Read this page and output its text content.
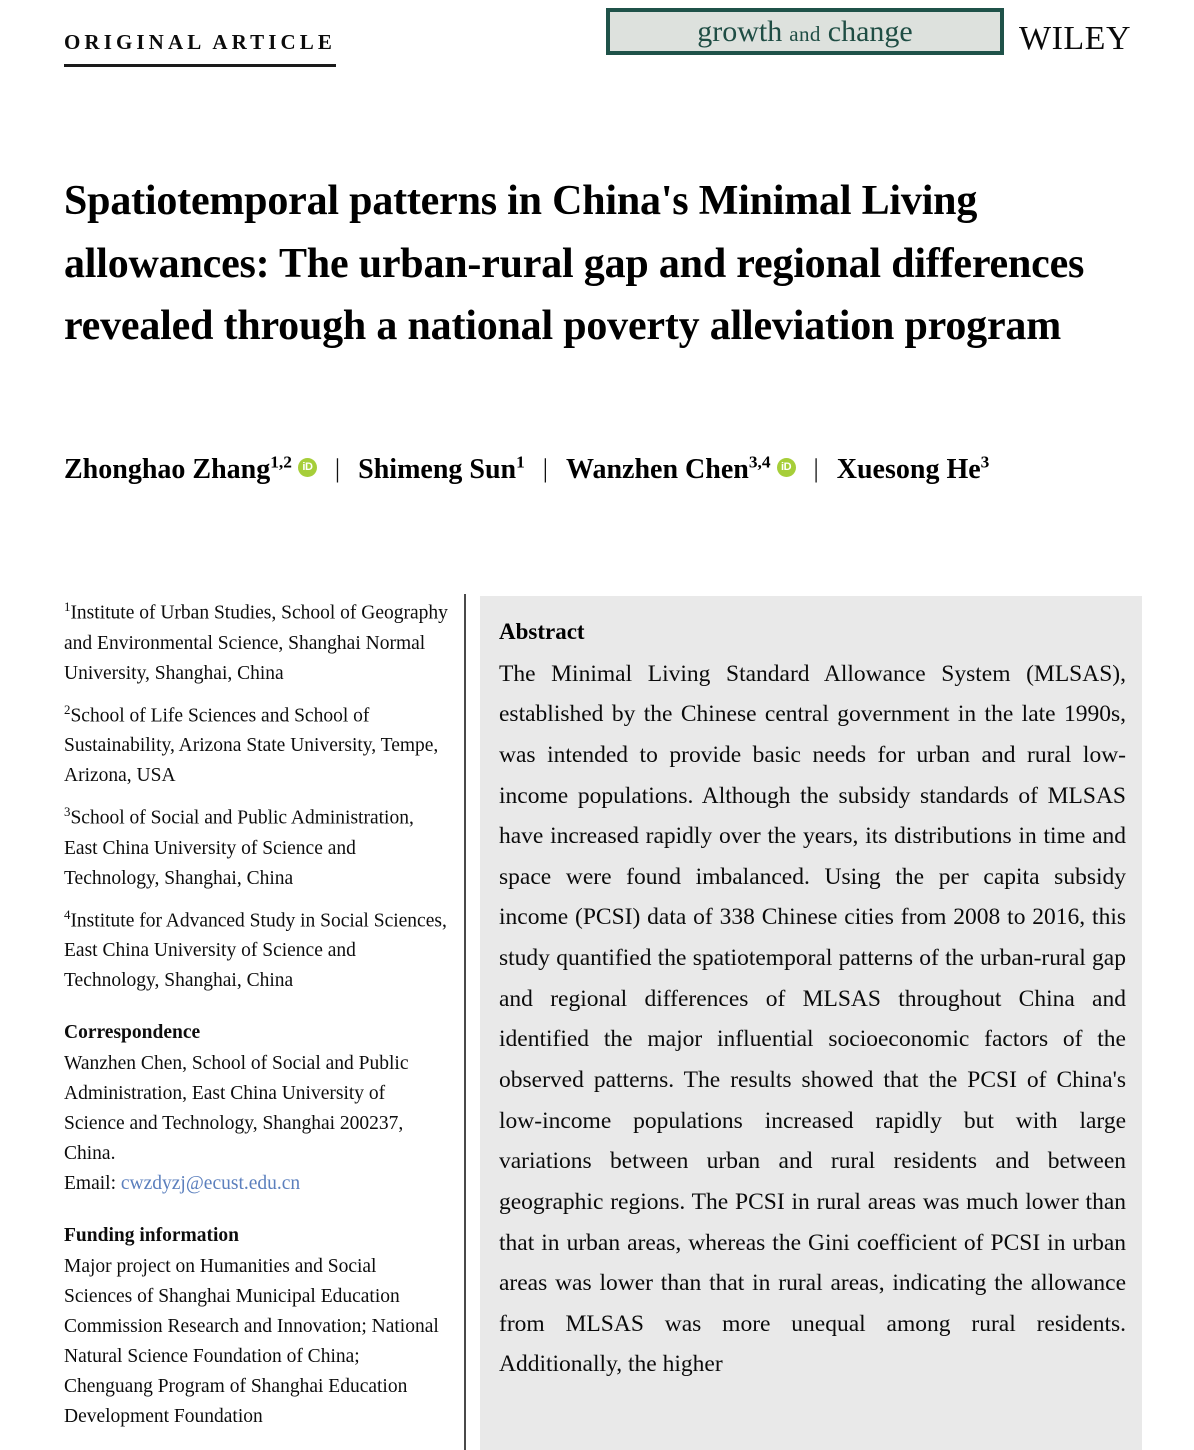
ORIGINAL ARTICLE	growth and change	WILEY
Spatiotemporal patterns in China's Minimal Living allowances: The urban-rural gap and regional differences revealed through a national poverty alleviation program
Zhonghao Zhang$^{1,2}$ iD | Shimeng Sun$^1$ | Wanzhen Chen$^{3,4}$ iD | Xuesong He$^3$
$^1$Institute of Urban Studies, School of Geography and Environmental Science, Shanghai Normal University, Shanghai, China
$^2$School of Life Sciences and School of Sustainability, Arizona State University, Tempe, Arizona, USA
$^3$School of Social and Public Administration, East China University of Science and Technology, Shanghai, China
$^4$Institute for Advanced Study in Social Sciences, East China University of Science and Technology, Shanghai, China
Correspondence
Wanzhen Chen, School of Social and Public Administration, East China University of Science and Technology, Shanghai 200237, China.
Email: cwzdyzj@ecust.edu.cn
Funding information
Major project on Humanities and Social Sciences of Shanghai Municipal Education Commission Research and Innovation; National Natural Science Foundation of China; Chenguang Program of Shanghai Education Development Foundation
Abstract
The Minimal Living Standard Allowance System (MLSAS), established by the Chinese central government in the late 1990s, was intended to provide basic needs for urban and rural low-income populations. Although the subsidy standards of MLSAS have increased rapidly over the years, its distributions in time and space were found imbalanced. Using the per capita subsidy income (PCSI) data of 338 Chinese cities from 2008 to 2016, this study quantified the spatiotemporal patterns of the urban-rural gap and regional differences of MLSAS throughout China and identified the major influential socioeconomic factors of the observed patterns. The results showed that the PCSI of China's low-income populations increased rapidly but with large variations between urban and rural residents and between geographic regions. The PCSI in rural areas was much lower than that in urban areas, whereas the Gini coefficient of PCSI in urban areas was lower than that in rural areas, indicating the allowance from MLSAS was more unequal among rural residents. Additionally, the higher
